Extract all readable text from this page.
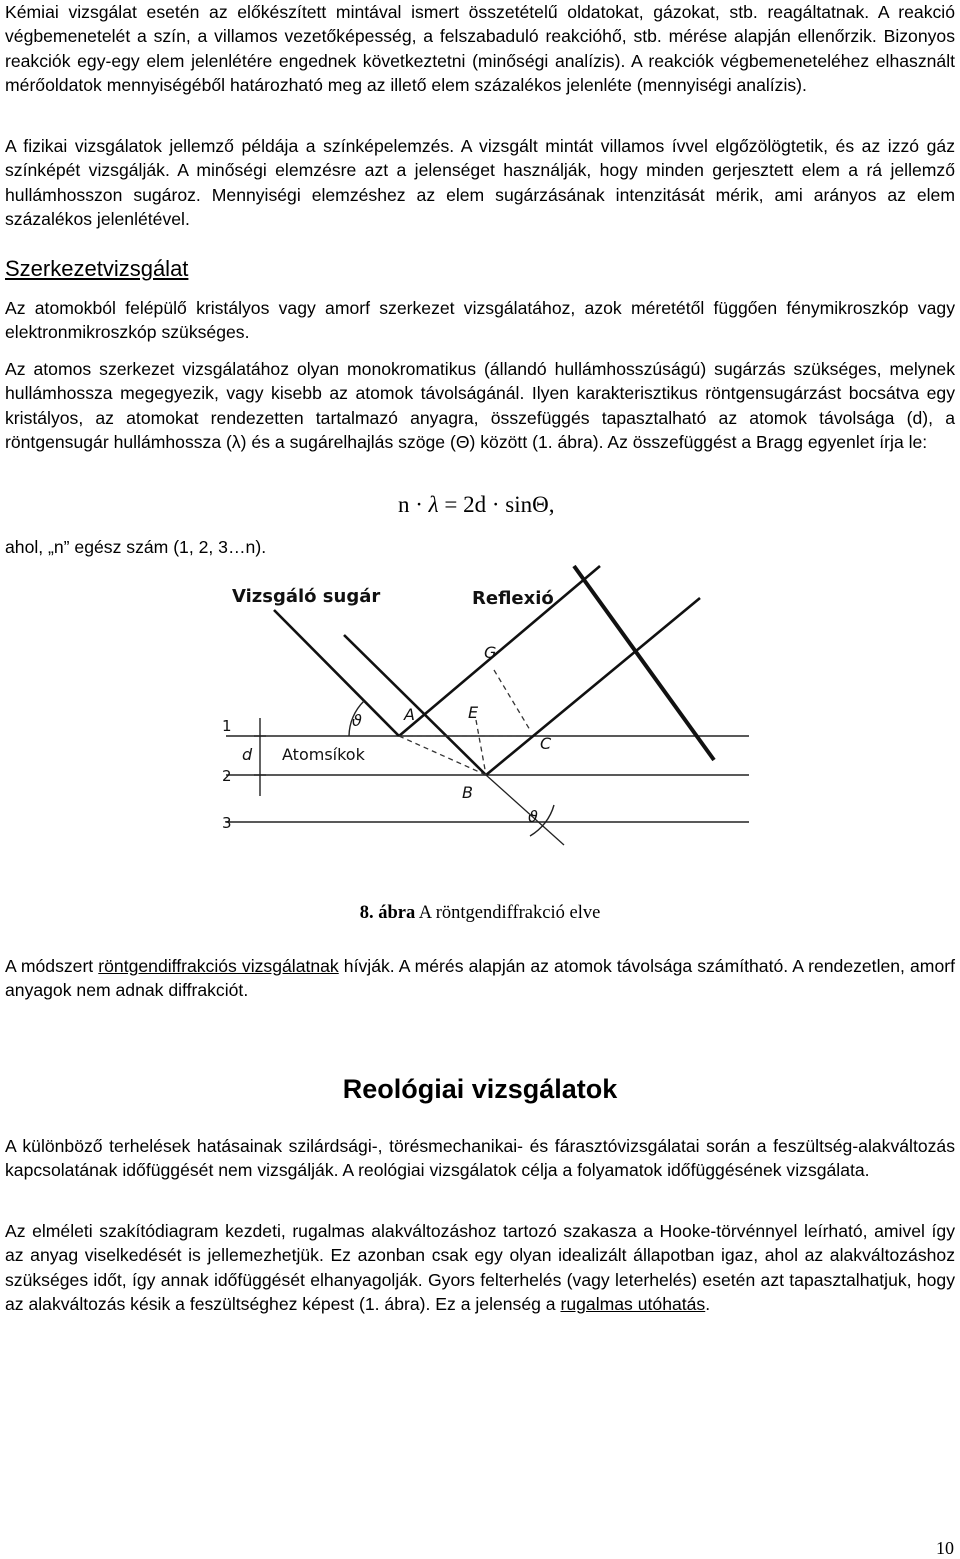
Kémiai vizsgálat esetén az előkészített mintával ismert összetételű oldatokat, gázokat, stb. reagáltatnak. A reakció végbemenetelét a szín, a villamos vezetőképesség, a felszabaduló reakcióhő, stb. mérése alapján ellenőrzik. Bizonyos reakciók egy-egy elem jelenlétére engednek következtetni (minőségi analízis). A reakciók végbemeneteléhez elhasznált mérőoldatok mennyiségéből határozható meg az illető elem százalékos jelenléte (mennyiségi analízis).

A fizikai vizsgálatok jellemző példája a színképelemzés. A vizsgált mintát villamos ívvel elgőzölögtetik, és az izzó gáz színképét vizsgálják. A minőségi elemzésre azt a jelenséget használják, hogy minden gerjesztett elem a rá jellemző hullámhosszon sugároz. Mennyiségi elemzéshez az elem sugárzásának intenzitását mérik, ami arányos az elem százalékos jelenlétével.

Szerkezetvizsgálat

Az atomokból felépülő kristályos vagy amorf szerkezet vizsgálatához, azok méretétől függően fénymikroszkóp vagy elektronmikroszkóp szükséges.

Az atomos szerkezet vizsgálatához olyan monokromatikus (állandó hullámhosszúságú) sugárzás szükséges, melynek hullámhossza megegyezik, vagy kisebb az atomok távolságánál. Ilyen karakterisztikus röntgensugárzást bocsátva egy kristályos, az atomokat rendezetten tartalmazó anyagra, összefüggés tapasztalható az atomok távolsága (d), a röntgensugár hullámhossza (λ) és a sugárelhajlás szöge (Θ) között (1. ábra). Az összefüggést a Bragg egyenlet írja le:

n · λ = 2d · sinΘ,

ahol, „n” egész szám (1, 2, 3…n).

Vizsgáló sugár	Reflexió
Atomsíkok
1
2
3
d
A
B
C
E
G
ϑ
ϑ
8. ábra A röntgendiffrakció elve

A módszert röntgendiffrakciós vizsgálatnak hívják. A mérés alapján az atomok távolsága számítható. A rendezetlen, amorf anyagok nem adnak diffrakciót.

Reológiai vizsgálatok

A különböző terhelések hatásainak szilárdsági-, törésmechanikai- és fárasztóvizsgálatai során a feszültség-alakváltozás kapcsolatának időfüggését nem vizsgálják. A reológiai vizsgálatok célja a folyamatok időfüggésének vizsgálata.

Az elméleti szakítódiagram kezdeti, rugalmas alakváltozáshoz tartozó szakasza a Hooke-törvénnyel leírható, amivel így az anyag viselkedését is jellemezhetjük. Ez azonban csak egy olyan idealizált állapotban igaz, ahol az alakváltozáshoz szükséges időt, így annak időfüggését elhanyagolják. Gyors felterhelés (vagy leterhelés) esetén azt tapasztalhatjuk, hogy az alakváltozás késik a feszültséghez képest (1. ábra). Ez a jelenség a rugalmas utóhatás.

10
